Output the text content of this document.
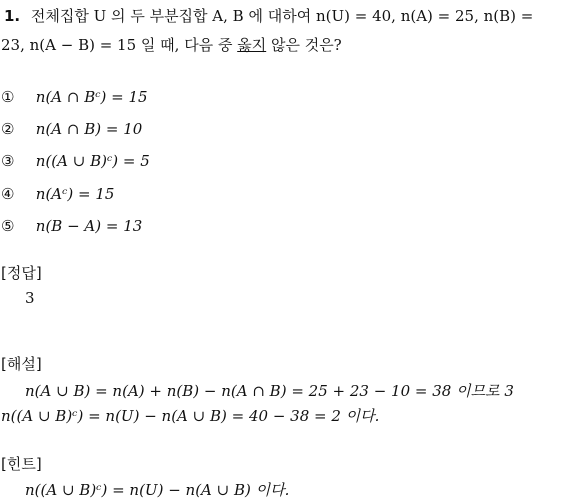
1. 전체집합 U 의 두 부분집합 A, B 에 대하여 n(U) = 40, n(A) = 25, n(B) =
23, n(A − B) = 15 일 때, 다음 중 옳지 않은 것은?
① n(A ∩ Bᶜ) = 15
② n(A ∩ B) = 10
③ n((A ∪ B)ᶜ) = 5
④ n(Aᶜ) = 15
⑤ n(B − A) = 13
[정답]
3
[해설]
n(A ∪ B) = n(A) + n(B) − n(A ∩ B) = 25 + 23 − 10 = 38 이므로 3
n((A ∪ B)ᶜ) = n(U) − n(A ∪ B) = 40 − 38 = 2 이다.
[힌트]
n((A ∪ B)ᶜ) = n(U) − n(A ∪ B) 이다.
